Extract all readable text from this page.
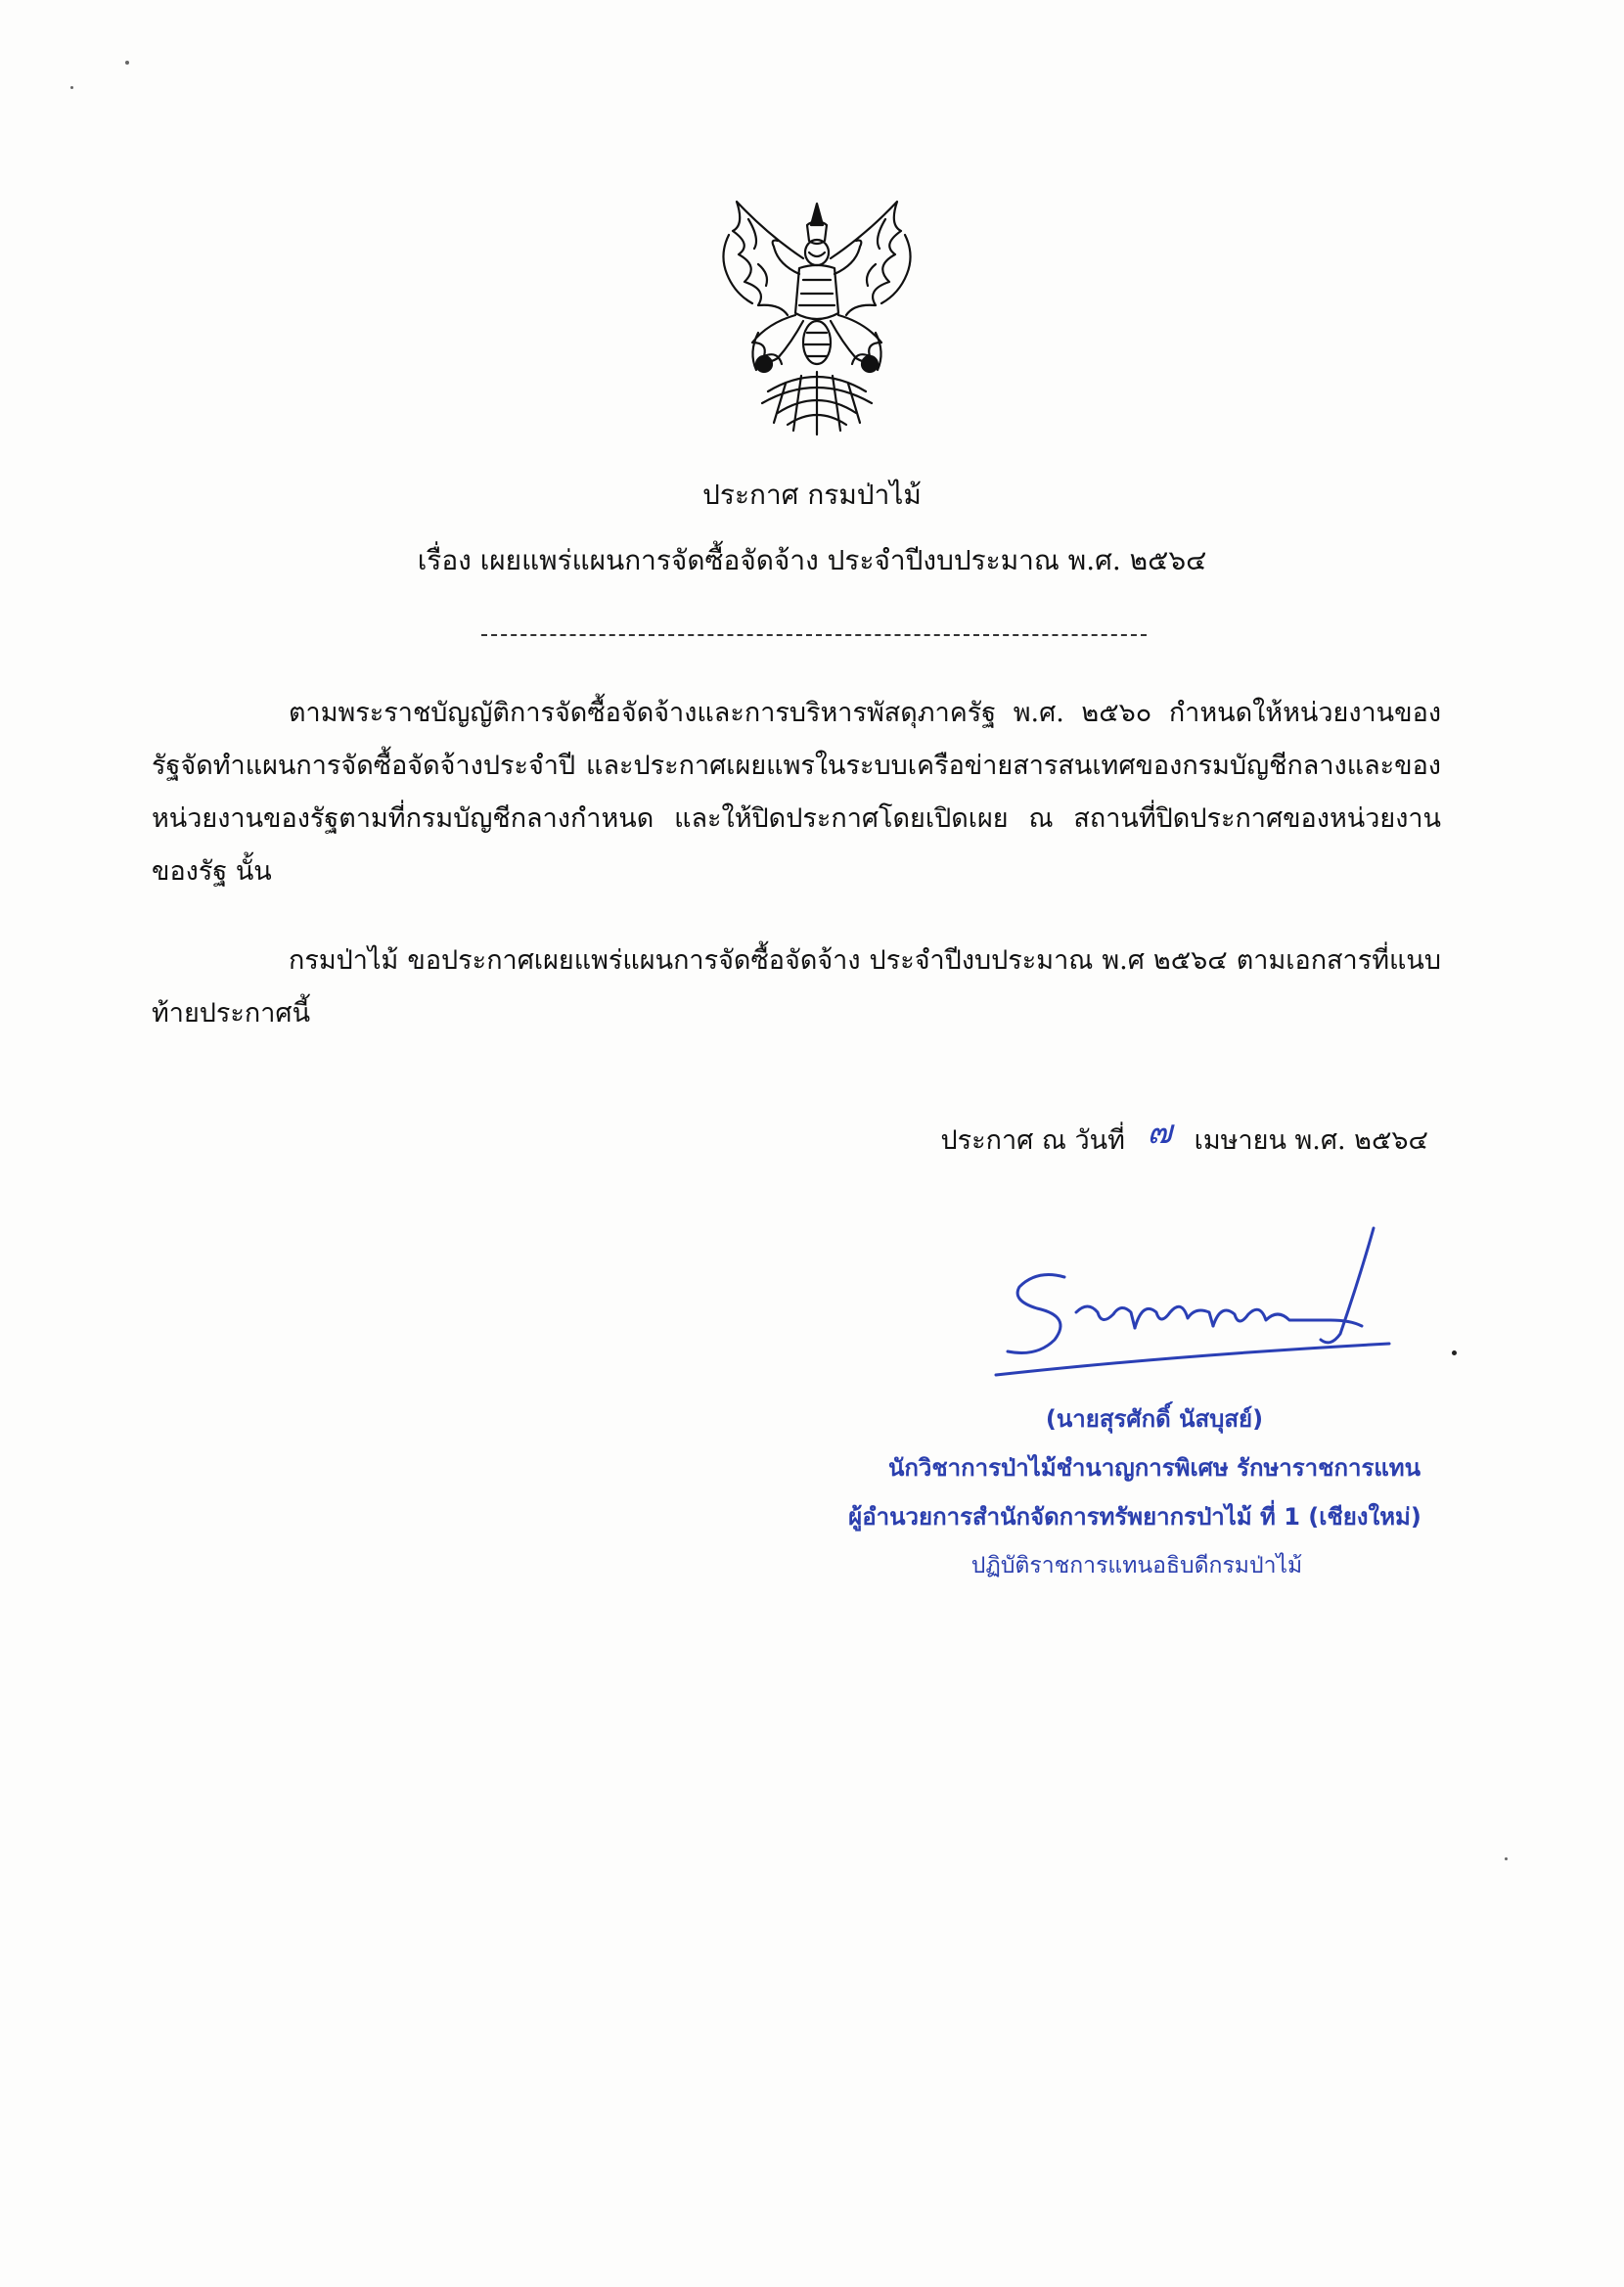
ประกาศ กรมป่าไม้
เรื่อง เผยแพร่แผนการจัดซื้อจัดจ้าง ประจำปีงบประมาณ พ.ศ. ๒๕๖๔

ตามพระราชบัญญัติการจัดซื้อจัดจ้างและการบริหารพัสดุภาครัฐ พ.ศ. ๒๕๖๐ กำหนดให้หน่วยงานของรัฐจัดทำแผนการจัดซื้อจัดจ้างประจำปี และประกาศเผยแพรในระบบเครือข่ายสารสนเทศของกรมบัญชีกลางและของหน่วยงานของรัฐตามที่กรมบัญชีกลางกำหนด และให้ปิดประกาศโดยเปิดเผย ณ สถานที่ปิดประกาศของหน่วยงานของรัฐ นั้น

กรมป่าไม้ ขอประกาศเผยแพร่แผนการจัดซื้อจัดจ้าง ประจำปีงบประมาณ พ.ศ ๒๕๖๔ ตามเอกสารที่แนบท้ายประกาศนี้

ประกาศ ณ วันที่ ๗ เมษายน พ.ศ. ๒๕๖๔
(นายสุรศักดิ์ นัสบุสย์)
นักวิชาการป่าไม้ชำนาญการพิเศษ รักษาราชการแทน
ผู้อำนวยการสำนักจัดการทรัพยากรป่าไม้ ที่ 1 (เชียงใหม่)
ปฏิบัติราชการแทนอธิบดีกรมป่าไม้
